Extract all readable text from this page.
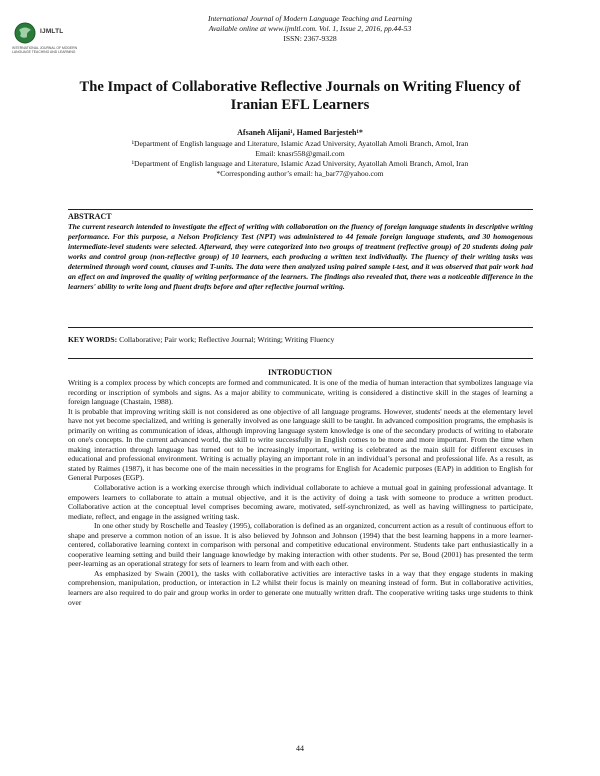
IJMLTL
INTERNATIONAL JOURNAL OF MODERN LANGUAGE TEACHING AND LEARNING
International Journal of Modern Language Teaching and Learning
Available online at www.ijmltl.com. Vol. 1, Issue 2, 2016, pp.44-53
ISSN: 2367-9328
The Impact of Collaborative Reflective Journals on Writing Fluency of Iranian EFL Learners
Afsaneh Alijani¹, Hamed Barjesteh¹*
¹Department of English language and Literature, Islamic Azad University, Ayatollah Amoli Branch, Amol, Iran
Email: knasr558@gmail.com
¹Department of English language and Literature, Islamic Azad University, Ayatollah Amoli Branch, Amol, Iran
*Corresponding author’s email: ha_bar77@yahoo.com
ABSTRACT
The current research intended to investigate the effect of writing with collaboration on the fluency of foreign language students in descriptive writing performance. For this purpose, a Nelson Proficiency Test (NPT) was administered to 44 female foreign language students, and 30 homogenous intermediate-level students were selected. Afterward, they were categorized into two groups of treatment (reflective group) of 20 students doing pair works and control group (non-reflective group) of 10 learners, each producing a written text individually. The fluency of their writing tasks was determined through word count, clauses and T-units. The data were then analyzed using paired sample t-test, and it was observed that pair work had an effect on and improved the quality of writing performance of the learners. The findings also revealed that, there was a noticeable difference in the learners' ability to write long and fluent drafts before and after reflective journal writing.
KEY WORDS: Collaborative; Pair work; Reflective Journal; Writing; Writing Fluency
INTRODUCTION

Writing is a complex process by which concepts are formed and communicated. It is one of the media of human interaction that symbolizes language via recording or inscription of symbols and signs. As a major ability to communicate, writing is considered a distinctive skill in the stages of learning a foreign language (Chastain, 1988).

It is probable that improving writing skill is not considered as one objective of all language programs. However, students' needs at the elementary level have not yet become specialized, and writing is generally involved as one language skill to be taught. In advanced composition programs, the emphasis is primarily on writing as communication of ideas, although improving language system knowledge is one of the secondary products of writing to elaborate on one's concepts. In the current advanced world, the skill to write successfully in English comes to be more and more important. From the time when making interaction through language has turned out to be increasingly important, writing is celebrated as the main skill for different excuses in educational and professional environment. Writing is actually playing an important role in an individual’s personal and professional life. As a result, as stated by Raimes (1987), it has become one of the main necessities in the programs for English for Academic purposes (EAP) in addition to English for General Purposes (EGP).

Collaborative action is a working exercise through which individual collaborate to achieve a mutual goal in gaining professional advantage. It empowers learners to collaborate to attain a mutual objective, and it is the activity of doing a task with someone to produce a written product. Collaborative action at the conceptual level comprises becoming aware, motivated, self-synchronized, as well as having willingness to participate, mediate, reflect, and engage in the assigned writing task.

In one other study by Roschelle and Teasley (1995), collaboration is defined as an organized, concurrent action as a result of continuous effort to shape and preserve a common notion of an issue. It is also believed by Johnson and Johnson (1994) that the best learning happens in a more learner-centered, collaborative learning context in comparison with personal and competitive educational environment. Students take part enthusiastically in a cooperative learning setting and build their language knowledge by making interaction with other students. Per se, Boud (2001) has presented the term peer-learning as an operational strategy for sets of learners to learn from and with each other.

As emphasized by Swain (2001), the tasks with collaborative activities are interactive tasks in a way that they engage students in making comprehension, manipulation, production, or interaction in L2 whilst their focus is mainly on meaning instead of form. But in collaborative activities, learners are also required to do pair and group works in order to generate one mutually written draft. The cooperative writing tasks urge students to think over

44
